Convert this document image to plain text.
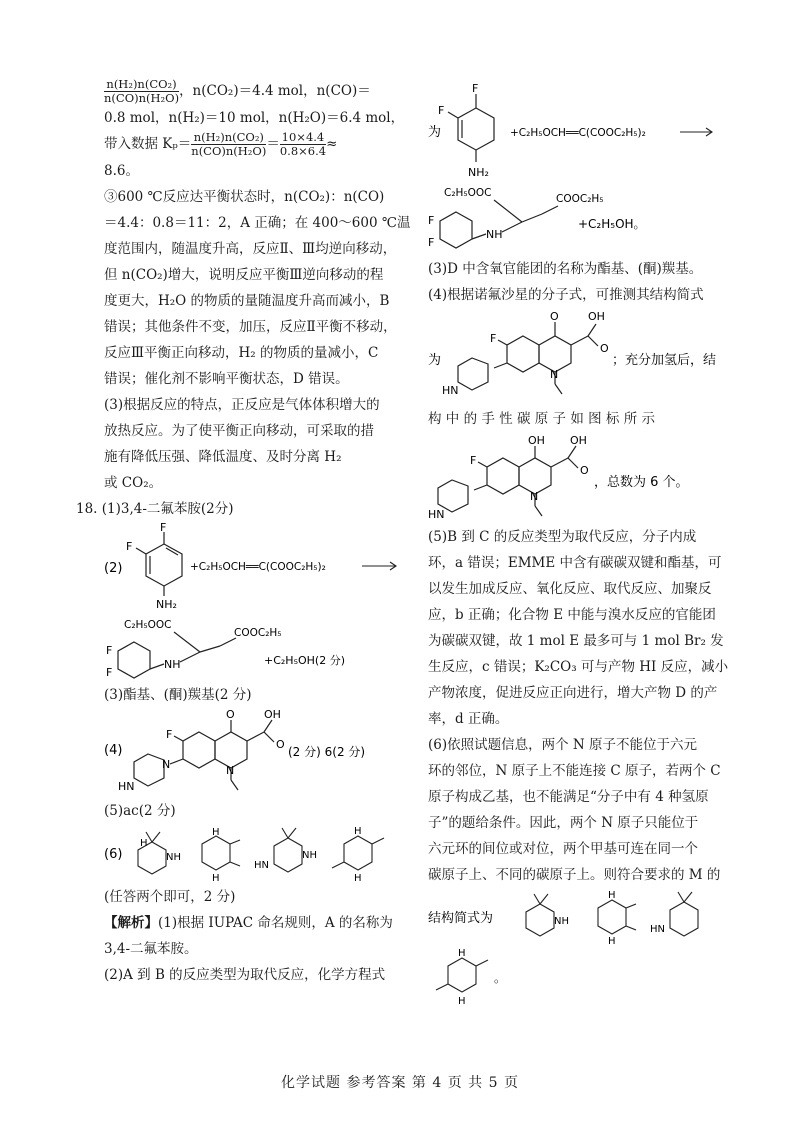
$\frac{\text{n(H₂)n(CO₂)}}{\text{n(CO)n(H₂O)}}$ ，n(CO₂)＝4.4 mol，n(CO)＝
0.8 mol，n(H₂)＝10 mol，n(H₂O)＝6.4 mol，
带入数据 $K_p= \frac{\text{n(H₂)n(CO₂)}}{\text{n(CO)n(H₂O)}} = \frac{10\times 4.4}{0.8\times 6.4}$ ≈
8.6。
③600 ℃反应达平衡状态时，n(CO₂)：n(CO)
＝4.4：0.8＝11：2，A 正确；在 400～600 ℃温
度范围内，随温度升高，反应Ⅱ、Ⅲ均逆向移动，
但 n(CO₂)增大，说明反应平衡Ⅲ逆向移动的程
度更大，H₂O 的物质的量随温度升高而减小，B
错误；其他条件不变，加压，反应Ⅱ平衡不移动，
反应Ⅲ平衡正向移动，H₂ 的物质的量减小，C
错误；催化剂不影响平衡状态，D 错误。
(3)根据反应的特点，正反应是气体体积增大的
放热反应。为了使平衡正向移动，可采取的措
施有降低压强、降低温度、及时分离 H₂
或 CO₂。
18. (1)3,4-二氟苯胺(2分)
(2)
F
F
NH₂
+C₂H₅OCH══C(COOC₂H₅)₂
C₂H₅OOC
COOC₂H₅
NH
F
F
+C₂H₅OH(2 分)
(3)酯基、(酮)羰基(2 分)
(4)
O	OH
O
F
N
N
HN
(2 分) 6(2 分)
(5)ac(2 分)
(6)
H
NH
H
H
HN
NH
H
H
(任答两个即可，2 分)
【解析】(1)根据 IUPAC 命名规则，A 的名称为
3,4-二氟苯胺。
(2)A 到 B 的反应类型为取代反应，化学方程式
为
F
F
NH₂
+C₂H₅OCH══C(COOC₂H₅)₂
C₂H₅OOC	COOC₂H₅
NH
F
F
+C₂H₅OH。
(3)D 中含氧官能团的名称为酯基、(酮)羰基。
(4)根据诺氟沙星的分子式，可推测其结构简式
为
O	OH
O
F
N
HN
；充分加氢后，结
构 中 的 手 性 碳 原 子 如 图 标 所 示
OH OH
O
F
N
HN
，总数为 6 个。
(5)B 到 C 的反应类型为取代反应，分子内成
环，a 错误；EMME 中含有碳碳双键和酯基，可
以发生加成反应、氧化反应、取代反应、加聚反
应，b 正确；化合物 E 中能与溴水反应的官能团
为碳碳双键，故 1 mol E 最多可与 1 mol Br₂ 发
生反应，c 错误；K₂CO₃ 可与产物 HI 反应，减小
产物浓度，促进反应正向进行，增大产物 D 的产
率，d 正确。
(6)依照试题信息，两个 N 原子不能位于六元
环的邻位，N 原子上不能连接 C 原子，若两个 C
原子构成乙基，也不能满足“分子中有 4 种氢原
子”的题给条件。因此，两个 N 原子只能位于
六元环的间位或对位，两个甲基可连在同一个
碳原子上、不同的碳原子上。则符合要求的 M 的
结构简式为	NH
H
H
HN
H
H
。
化学试题 参考答案 第 4 页 共 5 页
